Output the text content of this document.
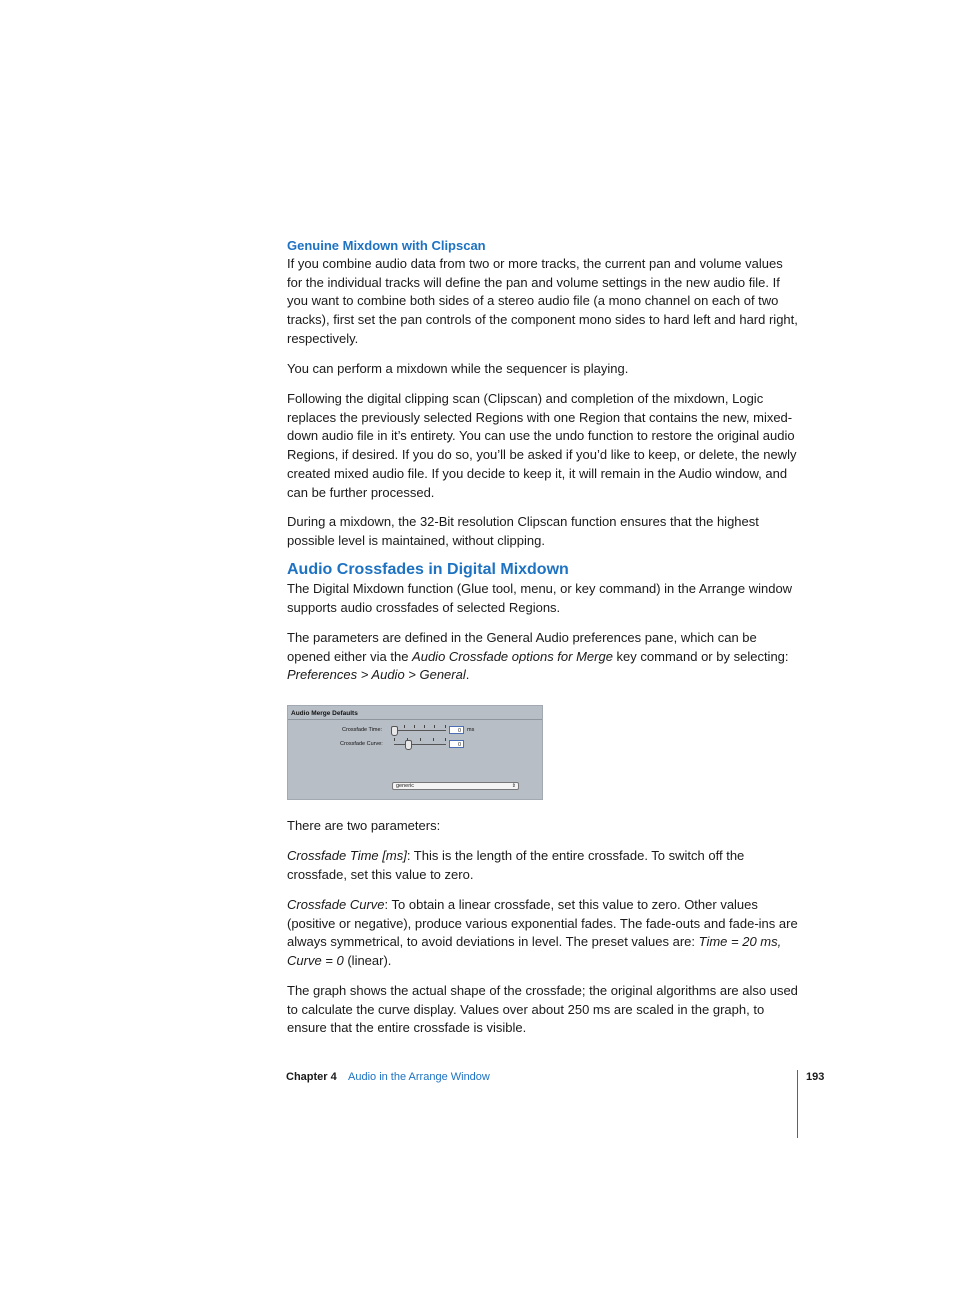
Genuine Mixdown with Clipscan

If you combine audio data from two or more tracks, the current pan and volume values for the individual tracks will define the pan and volume settings in the new audio file. If you want to combine both sides of a stereo audio file (a mono channel on each of two tracks), first set the pan controls of the component mono sides to hard left and hard right, respectively.

You can perform a mixdown while the sequencer is playing.

Following the digital clipping scan (Clipscan) and completion of the mixdown, Logic replaces the previously selected Regions with one Region that contains the new, mixed-down audio file in it’s entirety. You can use the undo function to restore the original audio Regions, if desired. If you do so, you’ll be asked if you’d like to keep, or delete, the newly created mixed audio file. If you decide to keep it, it will remain in the Audio window, and can be further processed.

During a mixdown, the 32-Bit resolution Clipscan function ensures that the highest possible level is maintained, without clipping.

Audio Crossfades in Digital Mixdown

The Digital Mixdown function (Glue tool, menu, or key command) in the Arrange window supports audio crossfades of selected Regions.

The parameters are defined in the General Audio preferences pane, which can be opened either via the Audio Crossfade options for Merge key command or by selecting: Preferences > Audio > General.

Audio Merge Defaults
Crossfade Time:	0	ms
Crossfade Curve:	0
generic	⇕

There are two parameters:

Crossfade Time [ms]: This is the length of the entire crossfade. To switch off the crossfade, set this value to zero.

Crossfade Curve: To obtain a linear crossfade, set this value to zero. Other values (positive or negative), produce various exponential fades. The fade-outs and fade-ins are always symmetrical, to avoid deviations in level. The preset values are: Time = 20 ms, Curve = 0 (linear).

The graph shows the actual shape of the crossfade; the original algorithms are also used to calculate the curve display. Values over about 250 ms are scaled in the graph, to ensure that the entire crossfade is visible.

Chapter 4 Audio in the Arrange Window	193
